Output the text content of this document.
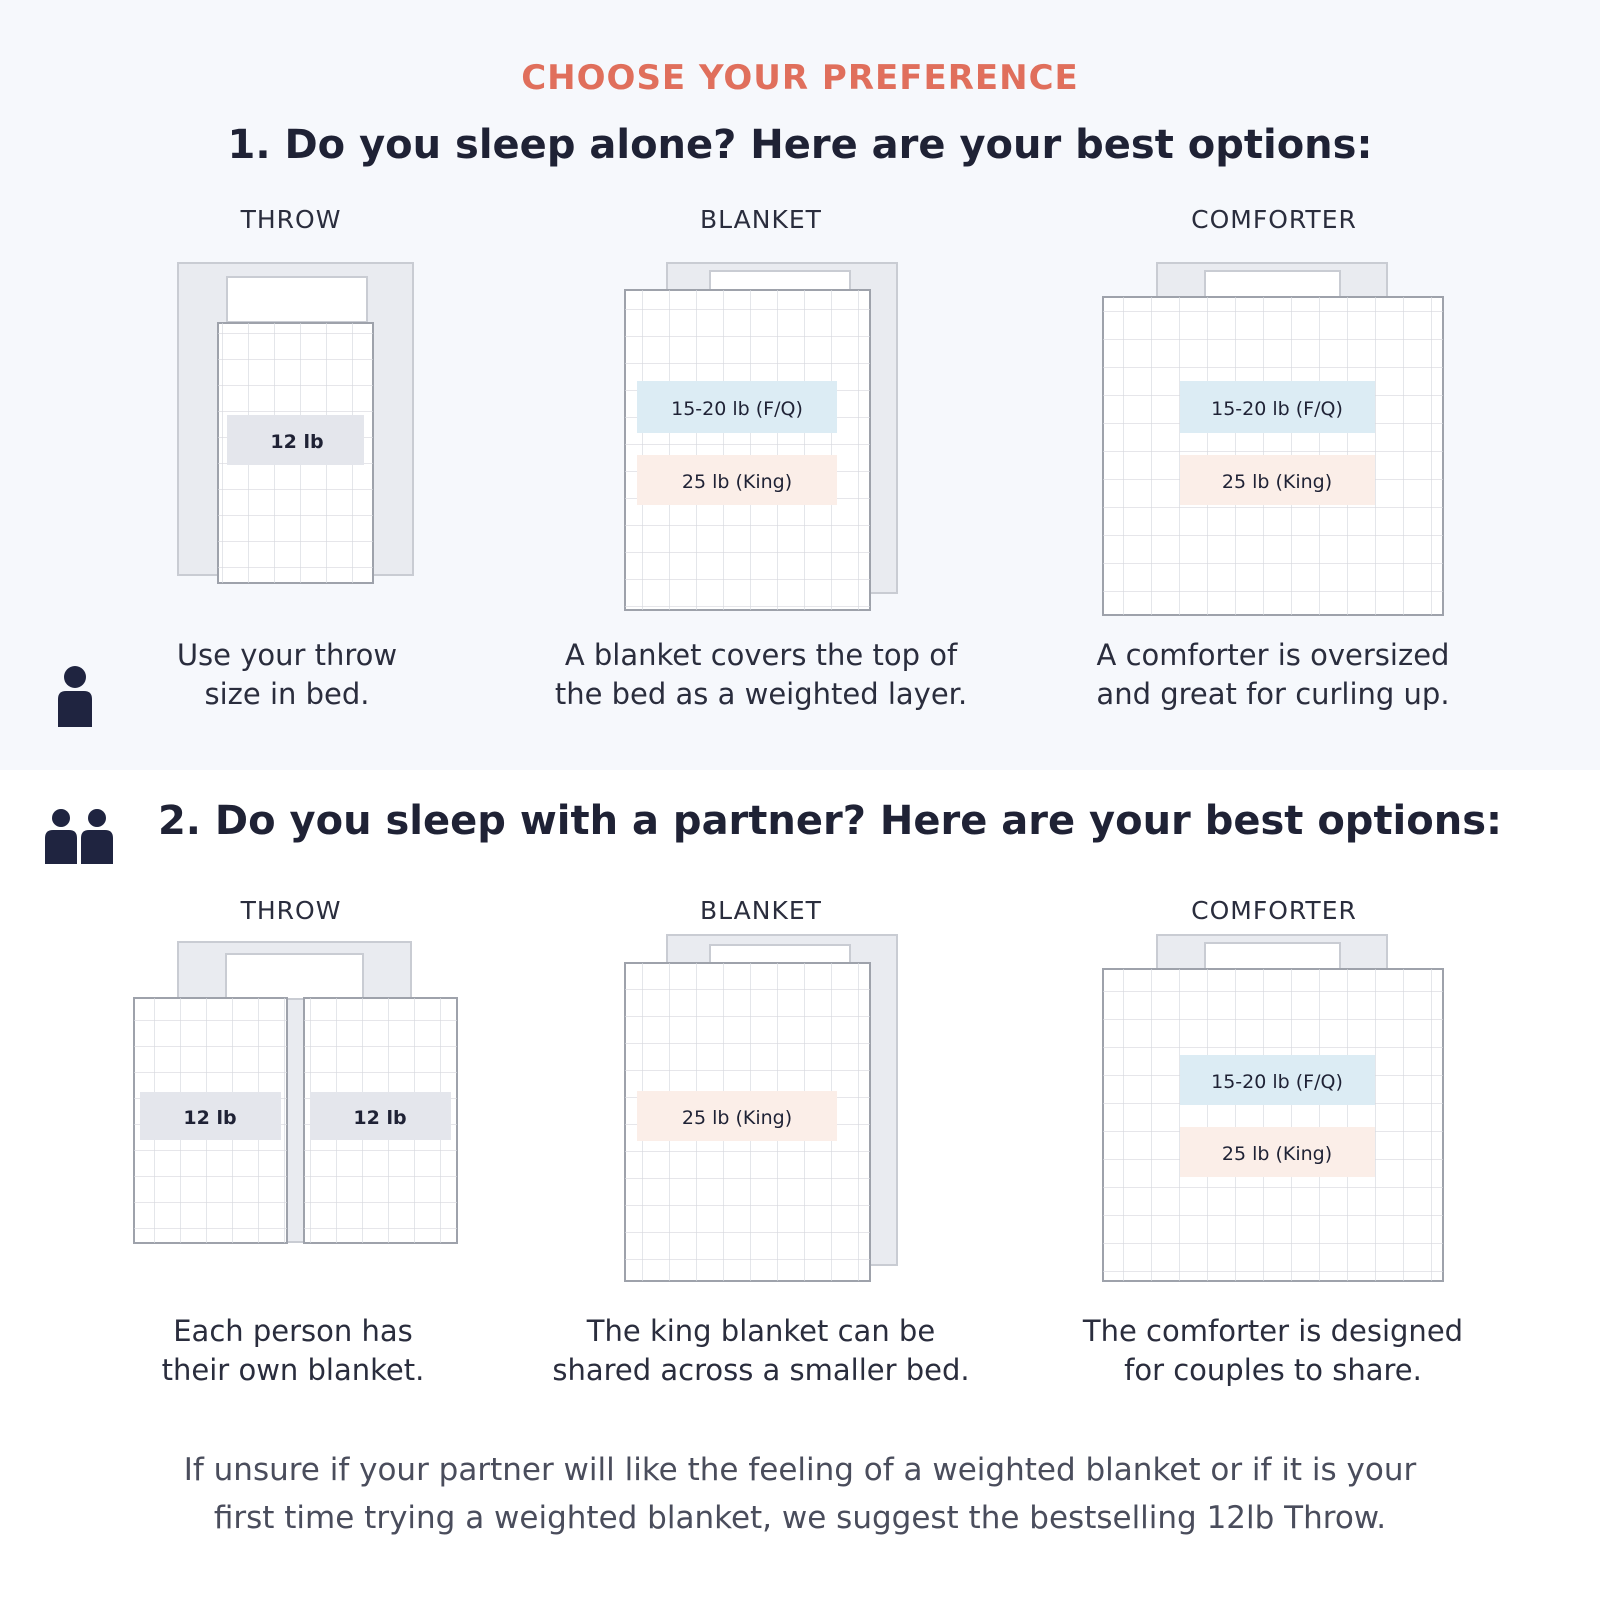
CHOOSE YOUR PREFERENCE
1. Do you sleep alone? Here are your best options:
THROW	BLANKET	COMFORTER
12 lb
15-20 lb (F/Q)
25 lb (King)
15-20 lb (F/Q)
25 lb (King)
Use your throw
size in bed.
A blanket covers the top of
the bed as a weighted layer.
A comforter is oversized
and great for curling up.
2. Do you sleep with a partner? Here are your best options:
THROW	BLANKET	COMFORTER
12 lb	12 lb	25 lb (King)
15-20 lb (F/Q)
25 lb (King)
Each person has
their own blanket.
The king blanket can be
shared across a smaller bed.
The comforter is designed
for couples to share.
If unsure if your partner will like the feeling of a weighted blanket or if it is your
first time trying a weighted blanket, we suggest the bestselling 12lb Throw.
